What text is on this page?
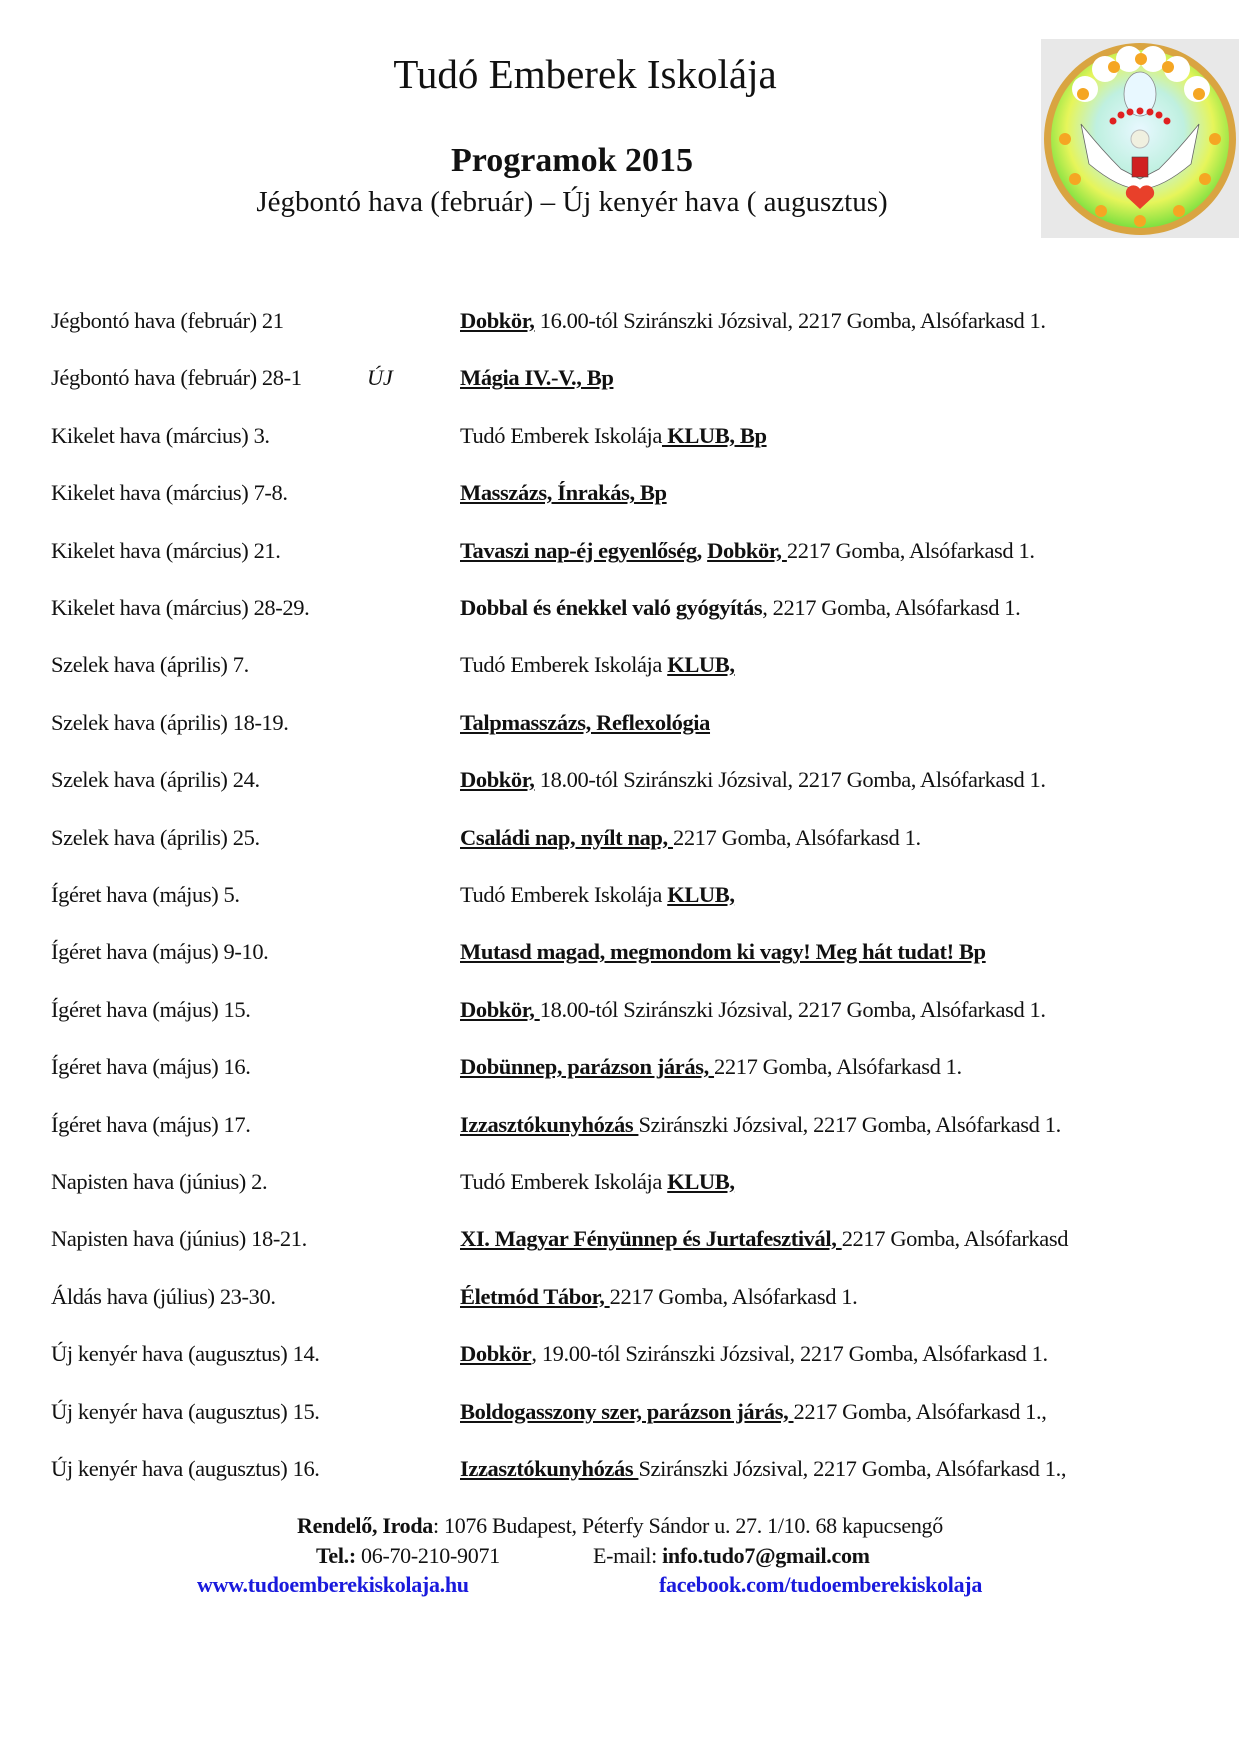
Tudó Emberek Iskolája
Programok 2015
Jégbontó hava (február) – Új kenyér hava ( augusztus)
Jégbontó hava (február) 21	Dobkör, 16.00-tól Sziránszki Józsival, 2217 Gomba, Alsófarkasd 1.
Jégbontó hava (február) 28-1	ÚJ	Mágia IV.-V., Bp
Kikelet hava (március) 3.	Tudó Emberek Iskolája KLUB, Bp
Kikelet hava (március) 7-8.	Masszázs, Ínrakás, Bp
Kikelet hava (március) 21.	Tavaszi nap-éj egyenlőség, Dobkör, 2217 Gomba, Alsófarkasd 1.
Kikelet hava (március) 28-29.	Dobbal és énekkel való gyógyítás, 2217 Gomba, Alsófarkasd 1.
Szelek hava (április) 7.	Tudó Emberek Iskolája KLUB,
Szelek hava (április) 18-19.	Talpmasszázs, Reflexológia
Szelek hava (április) 24.	Dobkör, 18.00-tól Sziránszki Józsival, 2217 Gomba, Alsófarkasd 1.
Szelek hava (április) 25.	Családi nap, nyílt nap, 2217 Gomba, Alsófarkasd 1.
Ígéret hava (május) 5.	Tudó Emberek Iskolája KLUB,
Ígéret hava (május) 9-10.	Mutasd magad, megmondom ki vagy! Meg hát tudat! Bp
Ígéret hava (május) 15.	Dobkör, 18.00-tól Sziránszki Józsival, 2217 Gomba, Alsófarkasd 1.
Ígéret hava (május) 16.	Dobünnep, parázson járás, 2217 Gomba, Alsófarkasd 1.
Ígéret hava (május) 17.	Izzasztókunyhózás Sziránszki Józsival, 2217 Gomba, Alsófarkasd 1.
Napisten hava (június) 2.	Tudó Emberek Iskolája KLUB,
Napisten hava (június) 18-21.	XI. Magyar Fényünnep és Jurtafesztivál, 2217 Gomba, Alsófarkasd
Áldás hava (július) 23-30.	Életmód Tábor, 2217 Gomba, Alsófarkasd 1.
Új kenyér hava (augusztus) 14.	Dobkör, 19.00-tól Sziránszki Józsival, 2217 Gomba, Alsófarkasd 1.
Új kenyér hava (augusztus) 15.	Boldogasszony szer, parázson járás, 2217 Gomba, Alsófarkasd 1.,
Új kenyér hava (augusztus) 16.	Izzasztókunyhózás Sziránszki Józsival, 2217 Gomba, Alsófarkasd 1.,
Rendelő, Iroda: 1076 Budapest, Péterfy Sándor u. 27. 1/10. 68 kapucsengő
Tel.: 06-70-210-9071	E-mail: info.tudo7@gmail.com
www.tudoemberekiskolaja.hu	facebook.com/tudoemberekiskolaja
